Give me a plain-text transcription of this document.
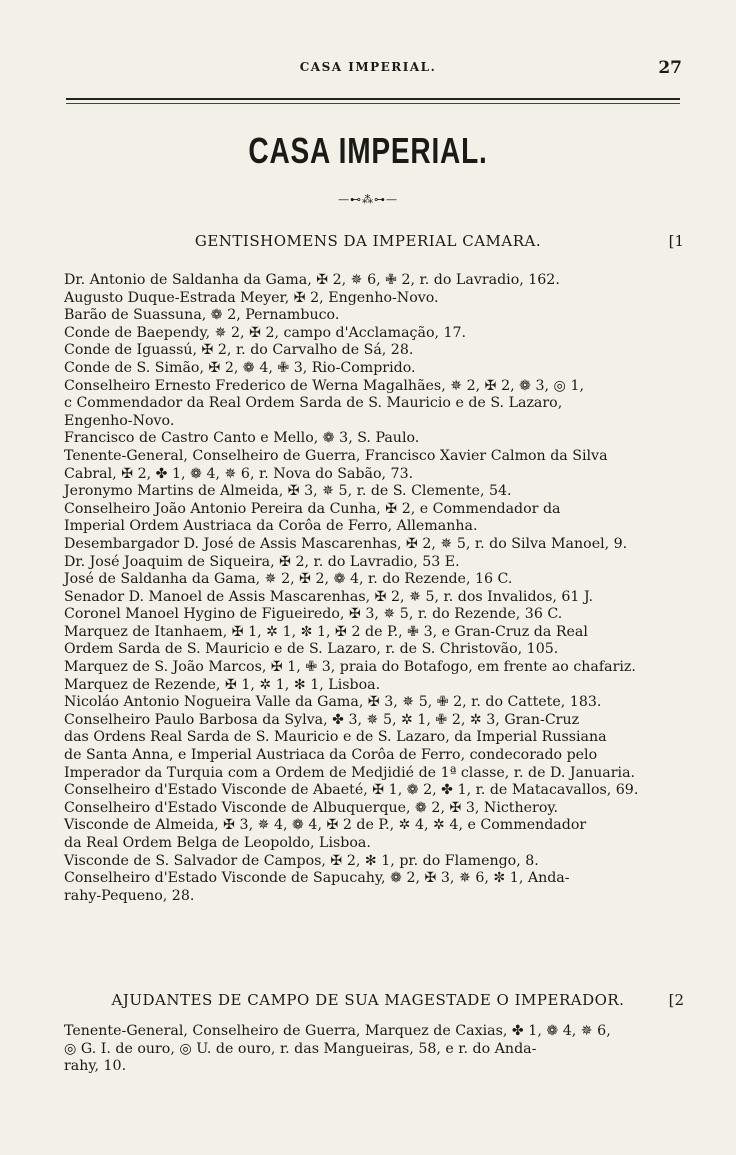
CASA IMPERIAL.	27
CASA IMPERIAL.
—⊷⁂⊶—
GENTISHOMENS DA IMPERIAL CAMARA.	[1

Dr. Antonio de Saldanha da Gama, ✠ 2, ✵ 6, ✙ 2, r. do Lavradio, 162.

Augusto Duque-Estrada Meyer, ✠ 2, Engenho-Novo.

Barão de Suassuna, ❁ 2, Pernambuco.

Conde de Baependy, ✵ 2, ✠ 2, campo d'Acclamação, 17.

Conde de Iguassú, ✠ 2, r. do Carvalho de Sá, 28.

Conde de S. Simão, ✠ 2, ❁ 4, ✙ 3, Rio-Comprido.

Conselheiro Ernesto Frederico de Werna Magalhães, ✵ 2, ✠ 2, ❁ 3, ◎ 1,
c Commendador da Real Ordem Sarda de S. Mauricio e de S. Lazaro,
Engenho-Novo.

Francisco de Castro Canto e Mello, ❁ 3, S. Paulo.

Tenente-General, Conselheiro de Guerra, Francisco Xavier Calmon da Silva
Cabral, ✠ 2, ✤ 1, ❁ 4, ✵ 6, r. Nova do Sabão, 73.

Jeronymo Martins de Almeida, ✠ 3, ✵ 5, r. de S. Clemente, 54.

Conselheiro João Antonio Pereira da Cunha, ✠ 2, e Commendador da
Imperial Ordem Austriaca da Corôa de Ferro, Allemanha.

Desembargador D. José de Assis Mascarenhas, ✠ 2, ✵ 5, r. do Silva Manoel, 9.

Dr. José Joaquim de Siqueira, ✠ 2, r. do Lavradio, 53 E.

José de Saldanha da Gama, ✵ 2, ✠ 2, ❁ 4, r. do Rezende, 16 C.

Senador D. Manoel de Assis Mascarenhas, ✠ 2, ✵ 5, r. dos Invalidos, 61 J.

Coronel Manoel Hygino de Figueiredo, ✠ 3, ✵ 5, r. do Rezende, 36 C.

Marquez de Itanhaem, ✠ 1, ✲ 1, ✼ 1, ✠ 2 de P., ✙ 3, e Gran-Cruz da Real
Ordem Sarda de S. Mauricio e de S. Lazaro, r. de S. Christovão, 105.

Marquez de S. João Marcos, ✠ 1, ✙ 3, praia do Botafogo, em frente ao chafariz.

Marquez de Rezende, ✠ 1, ✲ 1, ✻ 1, Lisboa.

Nicoláo Antonio Nogueira Valle da Gama, ✠ 3, ✵ 5, ✙ 2, r. do Cattete, 183.

Conselheiro Paulo Barbosa da Sylva, ✤ 3, ✵ 5, ✲ 1, ✙ 2, ✲ 3, Gran-Cruz
das Ordens Real Sarda de S. Mauricio e de S. Lazaro, da Imperial Russiana
de Santa Anna, e Imperial Austriaca da Corôa de Ferro, condecorado pelo
Imperador da Turquia com a Ordem de Medjidié de 1ª classe, r. de D. Januaria.

Conselheiro d'Estado Visconde de Abaeté, ✠ 1, ❁ 2, ✤ 1, r. de Matacavallos, 69.

Conselheiro d'Estado Visconde de Albuquerque, ❁ 2, ✠ 3, Nictheroy.

Visconde de Almeida, ✠ 3, ✵ 4, ❁ 4, ✠ 2 de P., ✲ 4, ✲ 4, e Commendador
da Real Ordem Belga de Leopoldo, Lisboa.

Visconde de S. Salvador de Campos, ✠ 2, ✻ 1, pr. do Flamengo, 8.

Conselheiro d'Estado Visconde de Sapucahy, ❁ 2, ✠ 3, ✵ 6, ✼ 1, Anda-
rahy-Pequeno, 28.

AJUDANTES DE CAMPO DE SUA MAGESTADE O IMPERADOR.	[2

Tenente-General, Conselheiro de Guerra, Marquez de Caxias, ✤ 1, ❁ 4, ✵ 6,
◎ G. I. de ouro, ◎ U. de ouro, r. das Mangueiras, 58, e r. do Anda-
rahy, 10.
